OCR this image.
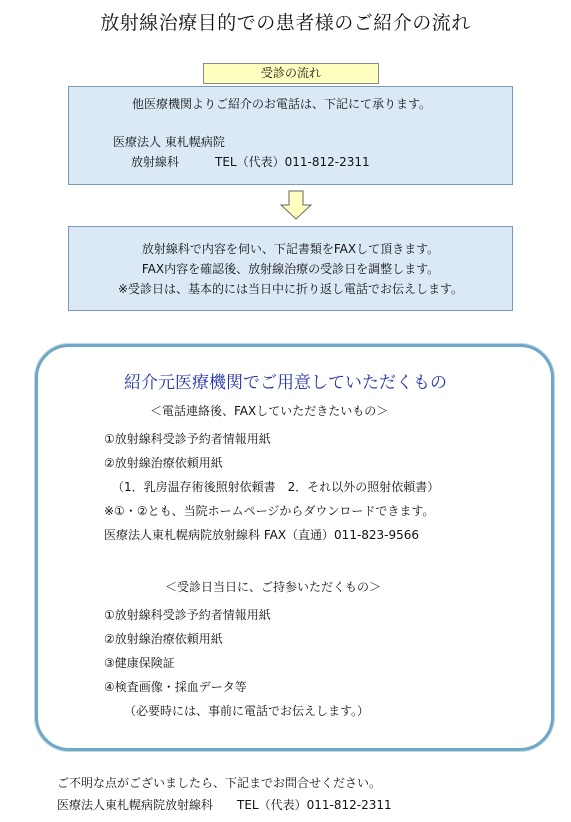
放射線治療目的での患者様のご紹介の流れ
受診の流れ
他医療機関よりご紹介のお電話は、下記にて承ります。
医療法人 東札幌病院
放射線科　　　TEL（代表）011-812-2311
放射線科で内容を伺い、下記書類をFAXして頂きます。
FAX内容を確認後、放射線治療の受診日を調整します。
※受診日は、基本的には当日中に折り返し電話でお伝えします。
紹介元医療機関でご用意していただくもの
＜電話連絡後、FAXしていただきたいもの＞
①放射線科受診予約者情報用紙
②放射線治療依頼用紙
（1．乳房温存術後照射依頼書　2．それ以外の照射依頼書）
※①・②とも、当院ホームページからダウンロードできます。
医療法人東札幌病院放射線科 FAX（直通）011-823-9566
＜受診日当日に、ご持参いただくもの＞
①放射線科受診予約者情報用紙
②放射線治療依頼用紙
③健康保険証
④検査画像・採血データ等
（必要時には、事前に電話でお伝えします。）
ご不明な点がございましたら、下記までお問合せください。
医療法人東札幌病院放射線科　　TEL（代表）011-812-2311
